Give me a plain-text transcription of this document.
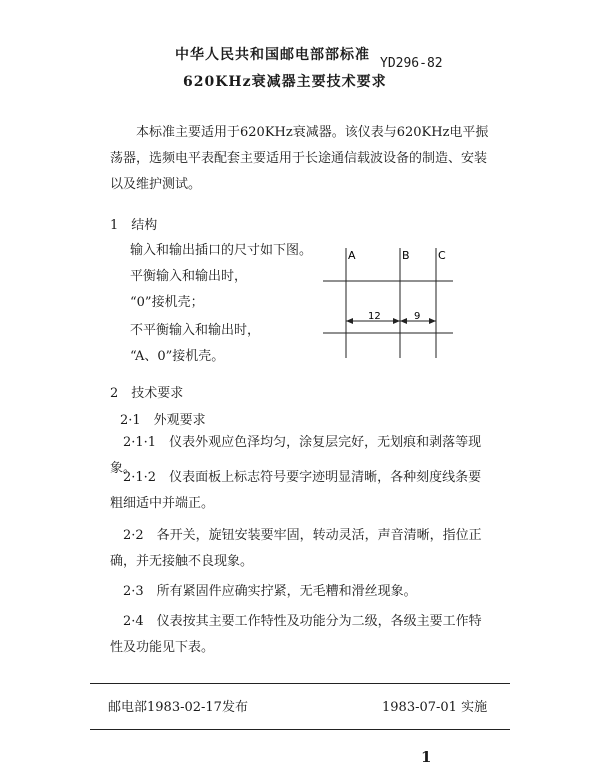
中华人民共和国邮电部部标准
620KHz衰减器主要技术要求
YD296-82
本标准主要适用于620KHz衰减器。该仪表与620KHz电平振荡器，选频电平表配套主要适用于长途通信载波设备的制造、安装以及维护测试。
1　结构
输入和输出插口的尺寸如下图。
平衡输入和输出时，
“0”接机壳；
不平衡输入和输出时，
“A、0”接机壳。
A	B	C
12	9
2　技术要求
2·1　外观要求
2·1·1　仪表外观应色泽均匀，涂复层完好，无划痕和剥落等现象。
2·1·2　仪表面板上标志符号要字迹明显清晰，各种刻度线条要粗细适中并端正。
2·2　各开关，旋钮安装要牢固，转动灵活，声音清晰，指位正确，并无接触不良现象。
2·3　所有紧固件应确实拧紧，无毛糟和滑丝现象。
2·4　仪表按其主要工作特性及功能分为二级，各级主要工作特性及功能见下表。
邮电部1983-02-17发布	1983-07-01 实施
1
